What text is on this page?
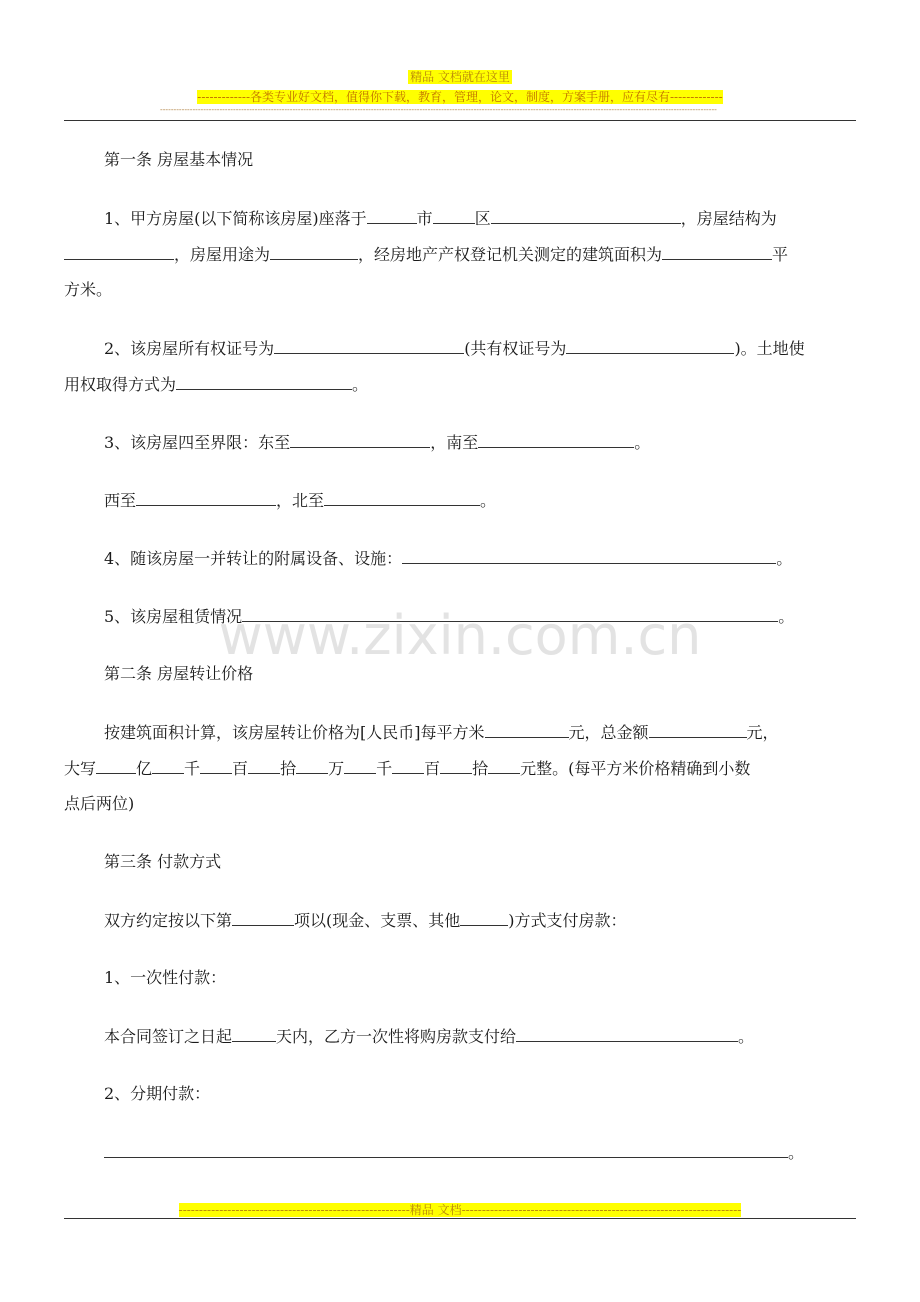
精品 文档就在这里
-------------各类专业好文档，值得你下载，教育，管理，论文，制度，方案手册，应有尽有-------------
--------------------------------------------------------------------------------------------------------------------------------------------------------------------------------------------------------------
www.zixin.com.cn
第一条 房屋基本情况
1、甲方房屋(以下简称该房屋)座落于	市	区	，房屋结构为
，房屋用途为	，经房地产产权登记机关测定的建筑面积为	平
方米。
2、该房屋所有权证号为	(共有权证号为	)。土地使
用权取得方式为	。
3、该房屋四至界限：东至	，南至	。
西至	，北至	。
4、随该房屋一并转让的附属设备、设施：	。
5、该房屋租赁情况	。
第二条 房屋转让价格
按建筑面积计算，该房屋转让价格为[人民币]每平方米	元，总金额	元，
大写	亿 千 百 拾 万 千 百 拾 元整。(每平方米价格精确到小数
点后两位)
第三条 付款方式
双方约定按以下第	项以(现金、支票、其他	)方式支付房款：
1、一次性付款：
本合同签订之日起	天内，乙方一次性将购房款支付给	。
2、分期付款：
。
---------------------------------------------------------精品 文档---------------------------------------------------------------------
